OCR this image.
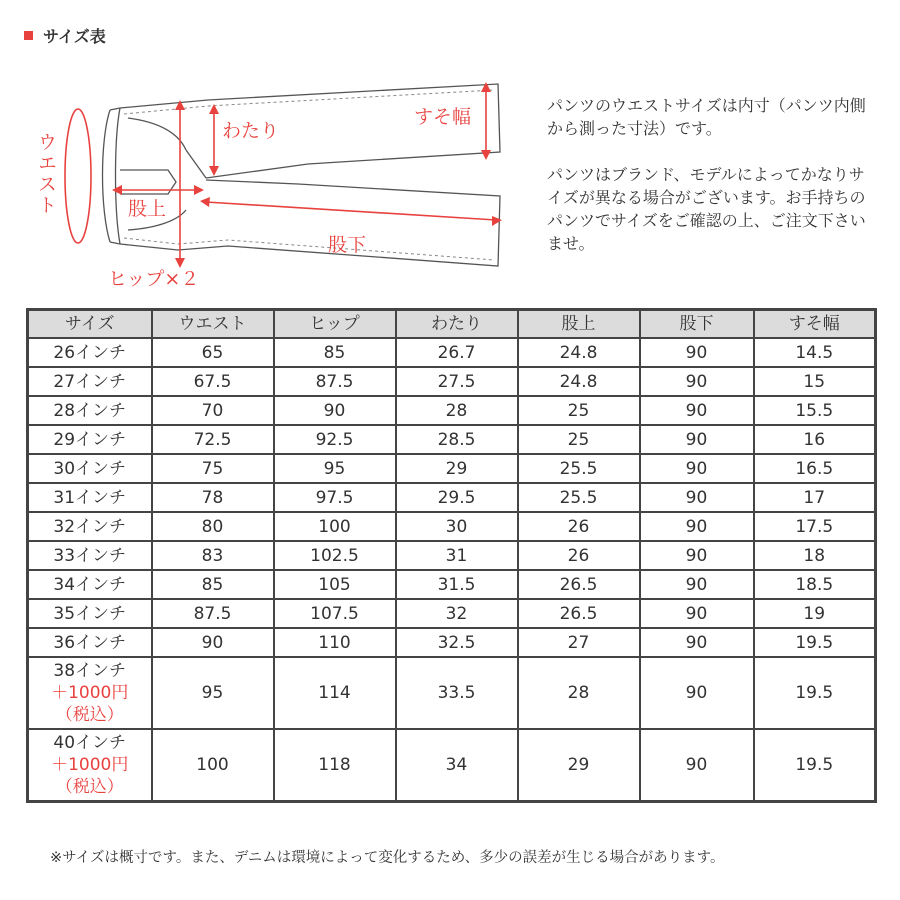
サイズ表
ウエスト
わたり
すそ幅
股上
股下
ヒップ×２

パンツのウエストサイズは内寸（パンツ内側から測った寸法）です。

パンツはブランド、モデルによってかなりサイズが異なる場合がございます。お手持ちのパンツでサイズをご確認の上、ご注文下さいませ。

サイズ	ウエスト	ヒップ	わたり	股上	股下	すそ幅
26インチ	65	85	26.7	24.8	90	14.5
27インチ	67.5	87.5	27.5	24.8	90	15
28インチ	70	90	28	25	90	15.5
29インチ	72.5	92.5	28.5	25	90	16
30インチ	75	95	29	25.5	90	16.5
31インチ	78	97.5	29.5	25.5	90	17
32インチ	80	100	30	26	90	17.5
33インチ	83	102.5	31	26	90	18
34インチ	85	105	31.5	26.5	90	18.5
35インチ	87.5	107.5	32	26.5	90	19
36インチ	90	110	32.5	27	90	19.5

38インチ
＋1000円
（税込）	95	114	33.5	28	90	19.5

40インチ
＋1000円
（税込）	100	118	34	29	90	19.5
※サイズは概寸です。また、デニムは環境によって変化するため、多少の誤差が生じる場合があります。
